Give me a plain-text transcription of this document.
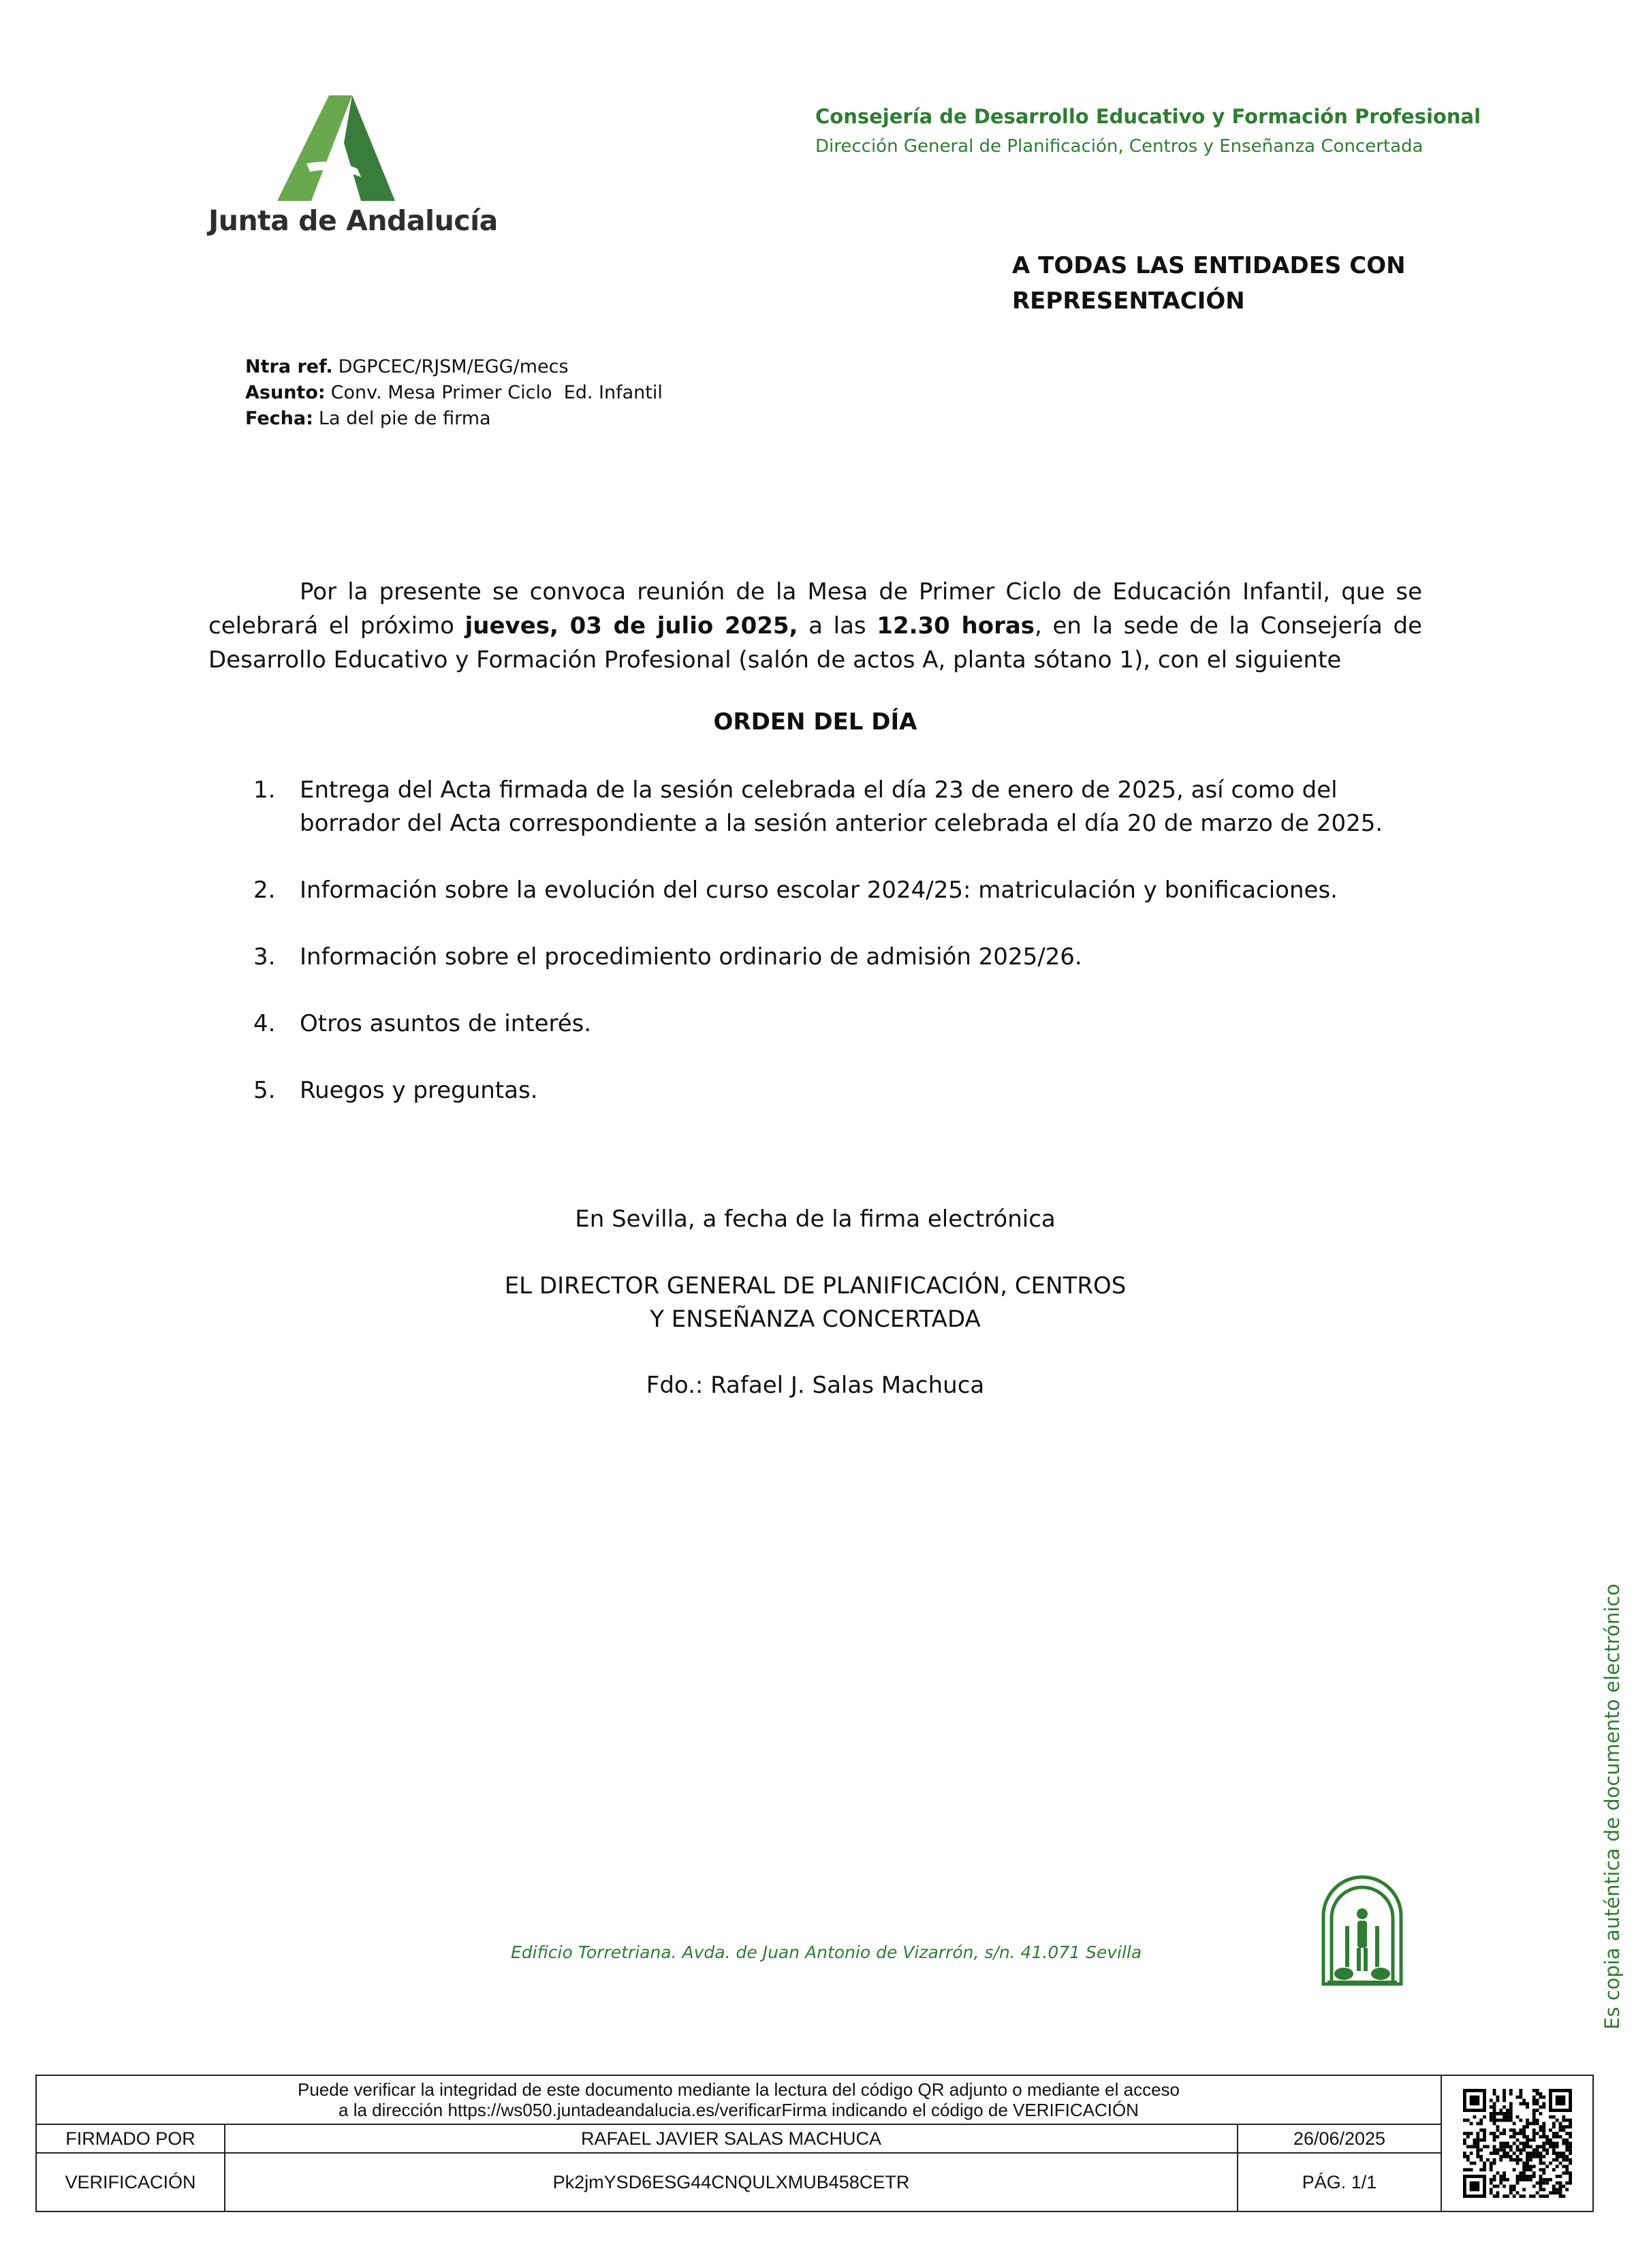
Junta de Andalucía
Consejería de Desarrollo Educativo y Formación Profesional
Dirección General de Planificación, Centros y Enseñanza Concertada
A TODAS LAS ENTIDADES CON
REPRESENTACIÓN
Ntra ref. DGPCEC/RJSM/EGG/mecs
Asunto: Conv. Mesa Primer Ciclo  Ed. Infantil
Fecha: La del pie de firma
Por la presente se convoca reunión de la Mesa de Primer Ciclo de Educación Infantil, que se celebrará el próximo jueves, 03 de julio 2025, a las 12.30 horas, en la sede de la Consejería de Desarrollo Educativo y Formación Profesional (salón de actos A, planta sótano 1), con el siguiente
ORDEN DEL DÍA
1.	Entrega del Acta firmada de la sesión celebrada el día 23 de enero de 2025, así como del borrador del Acta correspondiente a la sesión anterior celebrada el día 20 de marzo de 2025.
2.	Información sobre la evolución del curso escolar 2024/25: matriculación y bonificaciones.
3.	Información sobre el procedimiento ordinario de admisión 2025/26.
4.	Otros asuntos de interés.
5.	Ruegos y preguntas.
En Sevilla, a fecha de la firma electrónica
EL DIRECTOR GENERAL DE PLANIFICACIÓN, CENTROS
Y ENSEÑANZA CONCERTADA
Fdo.: Rafael J. Salas Machuca
Edificio Torretriana. Avda. de Juan Antonio de Vizarrón, s/n. 41.071 Sevilla	Es copia auténtica de documento electrónico
Puede verificar la integridad de este documento mediante la lectura del código QR adjunto o mediante el acceso
a la dirección https://ws050.juntadeandalucia.es/verificarFirma indicando el código de VERIFICACIÓN
FIRMADO POR	RAFAEL JAVIER SALAS MACHUCA	26/06/2025
VERIFICACIÓN	Pk2jmYSD6ESG44CNQULXMUB458CETR	PÁG. 1/1
